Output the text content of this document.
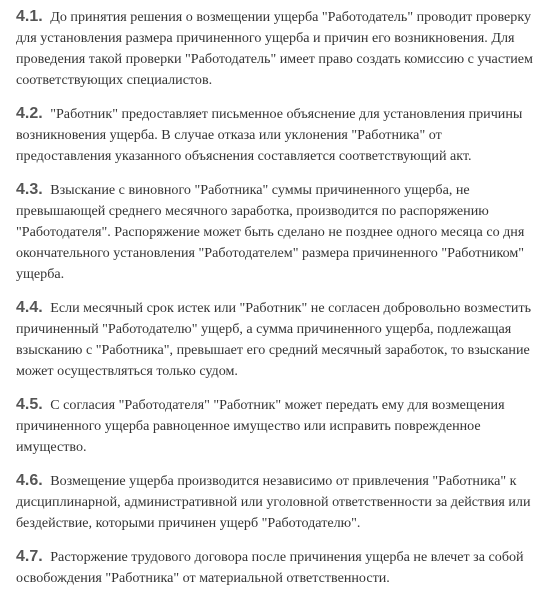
4.1. До принятия решения о возмещении ущерба "Работодатель" проводит проверку для установления размера причиненного ущерба и причин его возникновения. Для проведения такой проверки "Работодатель" имеет право создать комиссию с участием соответствующих специалистов.

4.2. "Работник" предоставляет письменное объяснение для установления причины возникновения ущерба. В случае отказа или уклонения "Работника" от предоставления указанного объяснения составляется соответствующий акт.

4.3. Взыскание с виновного "Работника" суммы причиненного ущерба, не превышающей среднего месячного заработка, производится по распоряжению "Работодателя". Распоряжение может быть сделано не позднее одного месяца со дня окончательного установления "Работодателем" размера причиненного "Работником" ущерба.

4.4. Если месячный срок истек или "Работник" не согласен добровольно возместить причиненный "Работодателю" ущерб, а сумма причиненного ущерба, подлежащая взысканию с "Работника", превышает его средний месячный заработок, то взыскание может осуществляться только судом.

4.5. С согласия "Работодателя" "Работник" может передать ему для возмещения причиненного ущерба равноценное имущество или исправить поврежденное имущество.

4.6. Возмещение ущерба производится независимо от привлечения "Работника" к дисциплинарной, административной или уголовной ответственности за действия или бездействие, которыми причинен ущерб "Работодателю".

4.7. Расторжение трудового договора после причинения ущерба не влечет за собой освобождения "Работника" от материальной ответственности.
